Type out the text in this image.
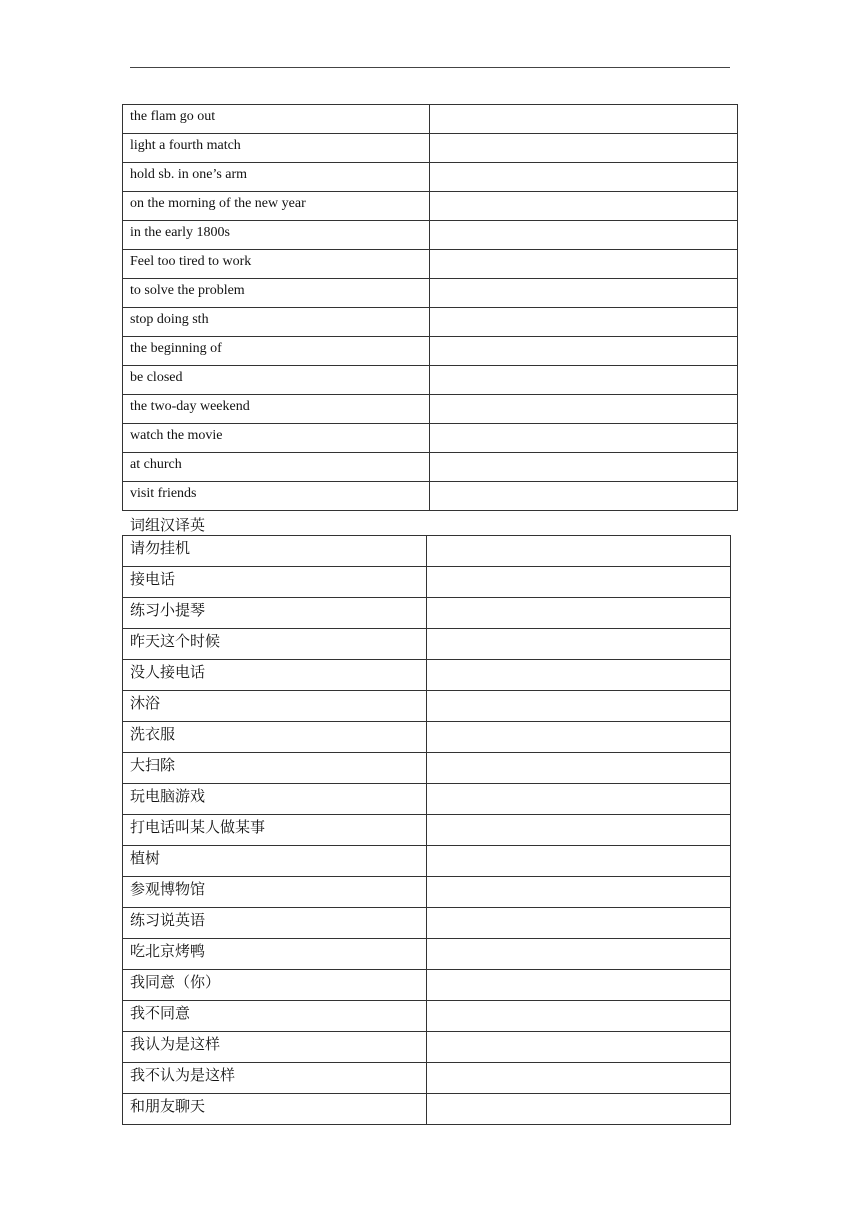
the flam go out	
light a fourth match	
hold sb. in one’s arm	
on the morning of the new year	
in the early 1800s	
Feel too tired to work	
to solve the problem	
stop doing sth	
the beginning of	
be closed	
the two-day weekend	
watch the movie	
at church	
visit friends	
词组汉译英
请勿挂机	
接电话	
练习小提琴	
昨天这个时候	
没人接电话	
沐浴	
洗衣服	
大扫除	
玩电脑游戏	
打电话叫某人做某事	
植树	
参观博物馆	
练习说英语	
吃北京烤鸭	
我同意（你）	
我不同意	
我认为是这样	
我不认为是这样	
和朋友聊天	
